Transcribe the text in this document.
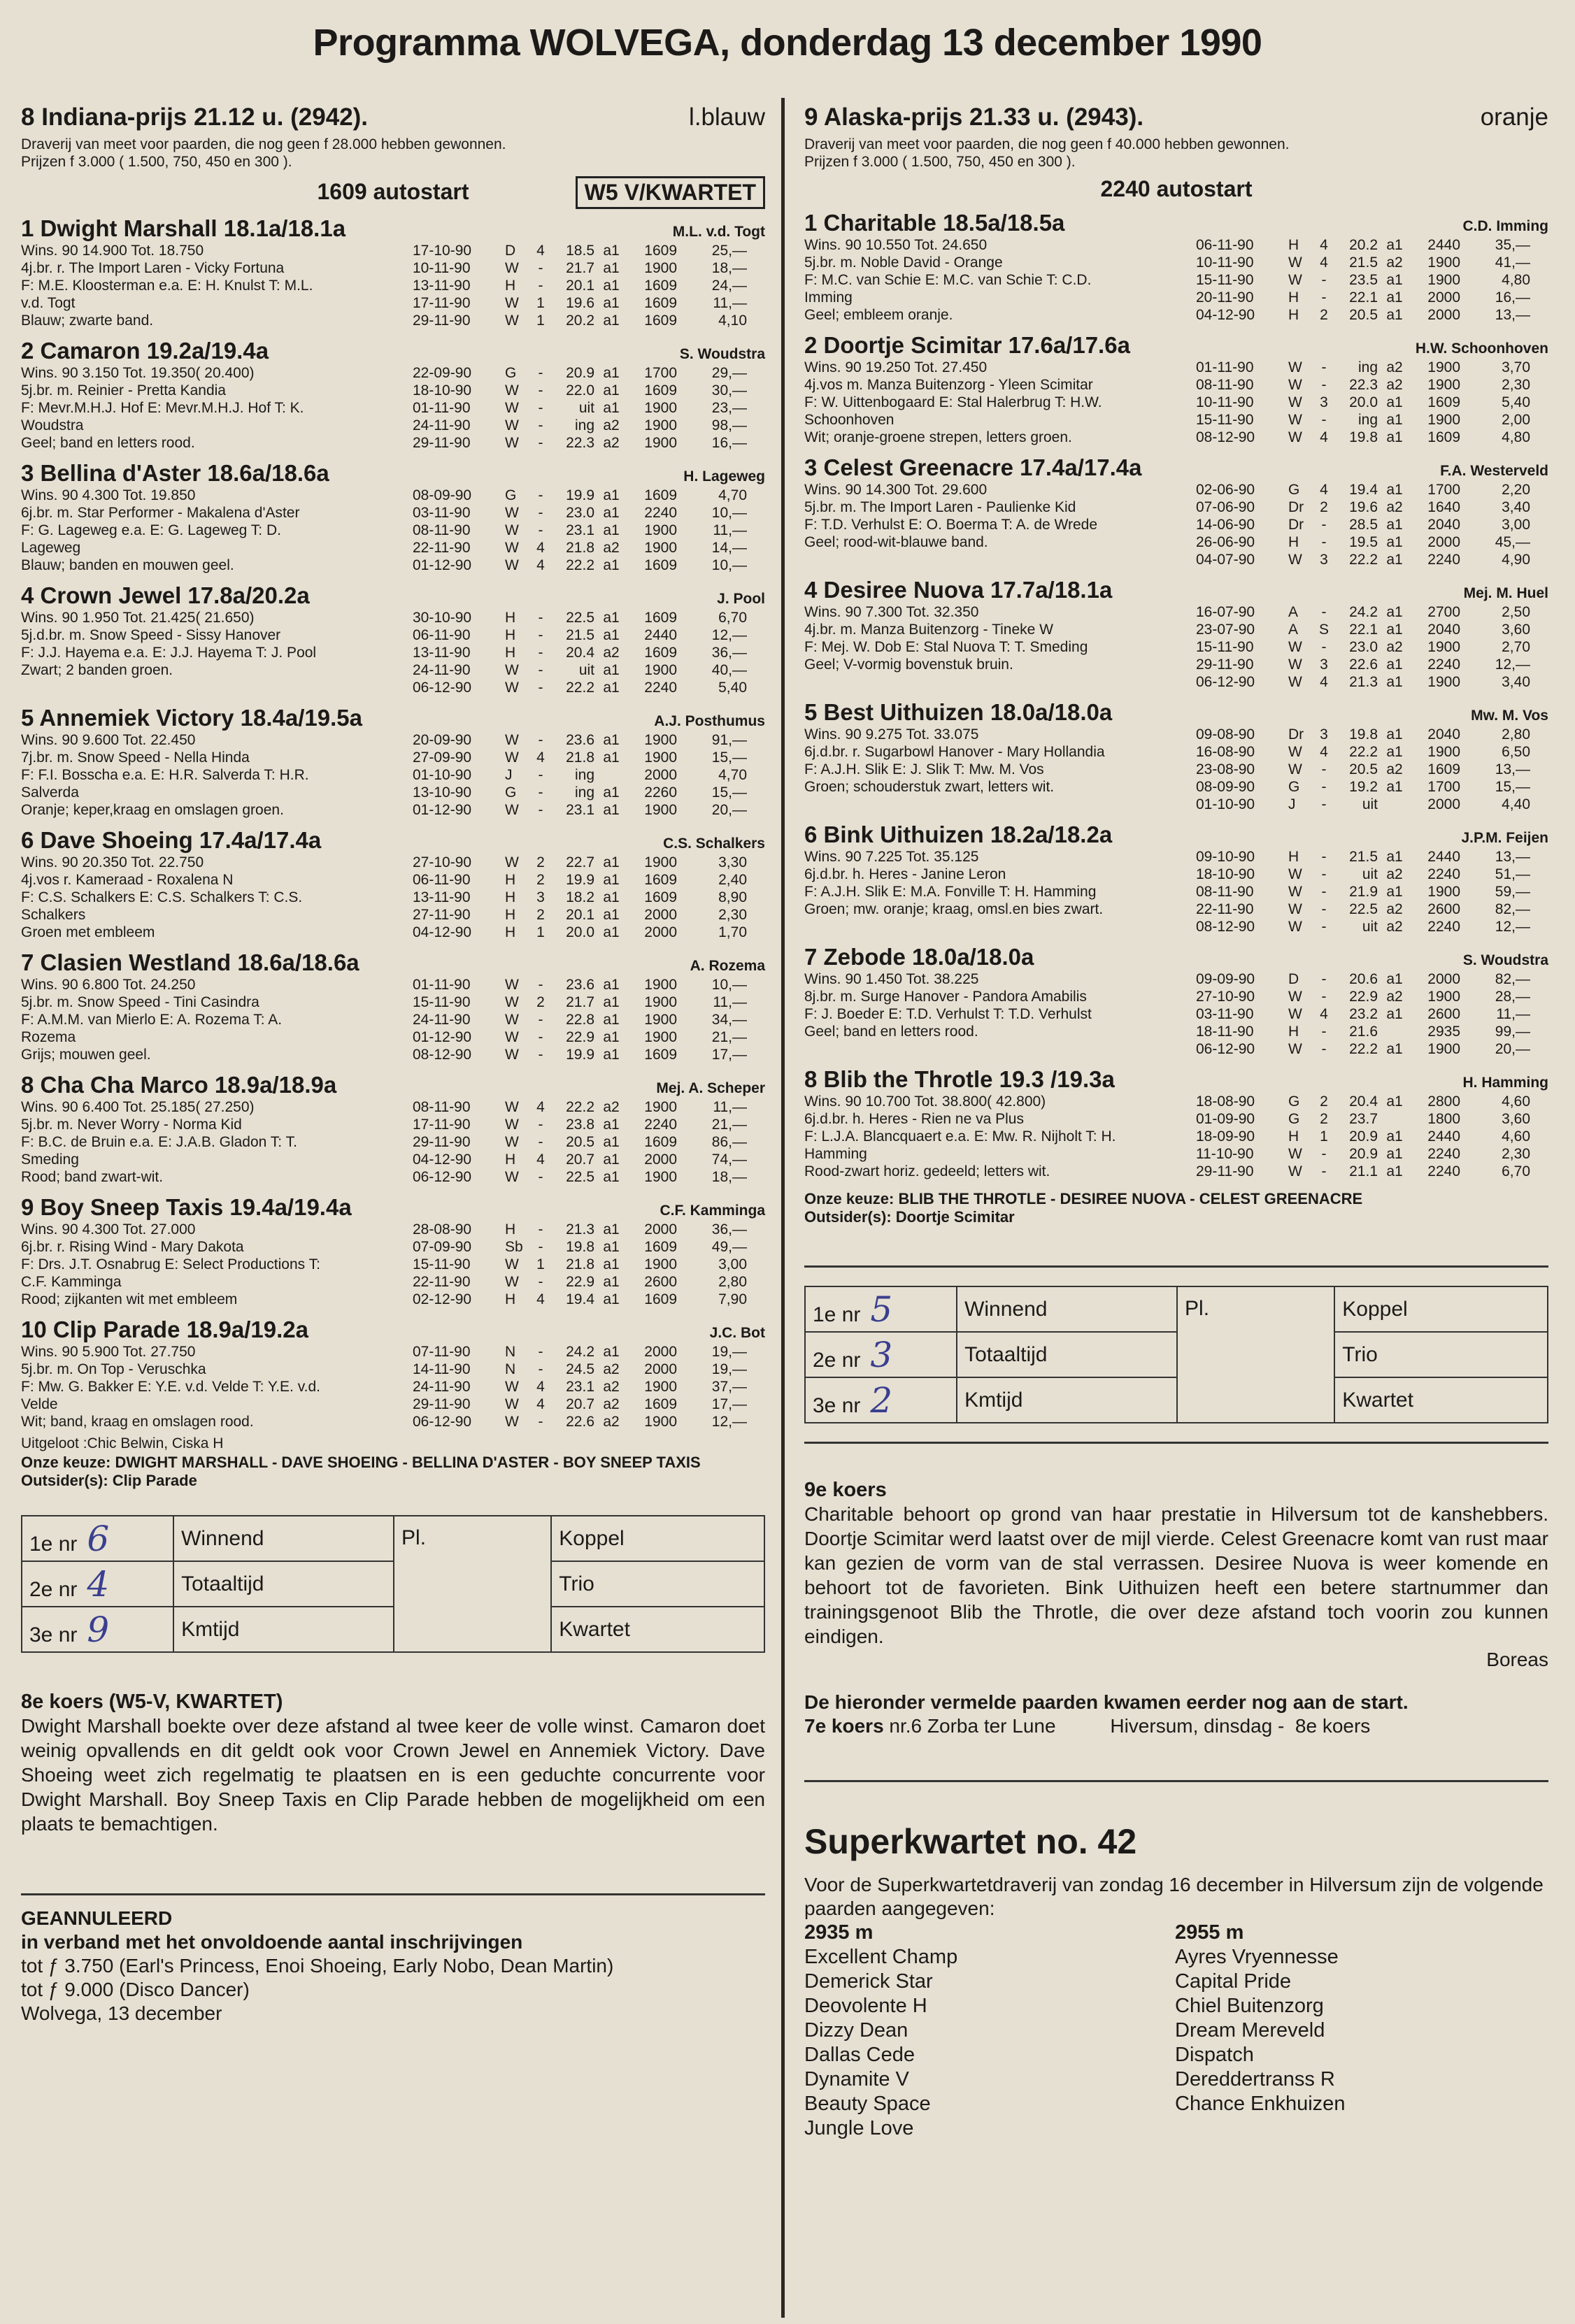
Programma WOLVEGA, donderdag 13 december 1990
8 Indiana-prijs 21.12 u. (2942).	l.blauw
Draverij van meet voor paarden, die nog geen f 28.000 hebben gewonnen.
Prijzen f 3.000 ( 1.500, 750, 450 en 300 ).
1609 autostart	W5 V/KWARTET
1 Dwight Marshall 18.1a/18.1a	M.L. v.d. Togt
Wins. 90 14.900 Tot. 18.750
4j.br. r. The Import Laren - Vicky Fortuna
F: M.E. Kloosterman e.a. E: H. Knulst T: M.L.
v.d. Togt
Blauw; zwarte band.
17-10-90	D	4	18.5 a1	1609	25,—
10-11-90	W	-	21.7 a1	1900	18,—
13-11-90	H	-	20.1 a1	1609	24,—
17-11-90	W	1	19.6 a1	1609	11,—
29-11-90	W	1	20.2 a1	1609	4,10
2 Camaron 19.2a/19.4a	S. Woudstra
Wins. 90 3.150 Tot. 19.350( 20.400)
5j.br. m. Reinier - Pretta Kandia
F: Mevr.M.H.J. Hof E: Mevr.M.H.J. Hof T: K.
Woudstra
Geel; band en letters rood.
22-09-90	G	-	20.9 a1	1700	29,—
18-10-90	W	-	22.0 a1	1609	30,—
01-11-90	W	-	uit a1	1900	23,—
24-11-90	W	-	ing a2	1900	98,—
29-11-90	W	-	22.3 a2	1900	16,—
3 Bellina d'Aster 18.6a/18.6a	H. Lageweg
Wins. 90 4.300 Tot. 19.850
6j.br. m. Star Performer - Makalena d'Aster
F: G. Lageweg e.a. E: G. Lageweg T: D.
Lageweg
Blauw; banden en mouwen geel.
08-09-90	G	-	19.9 a1	1609	4,70
03-11-90	W	-	23.0 a1	2240	10,—
08-11-90	W	-	23.1 a1	1900	11,—
22-11-90	W	4	21.8 a2	1900	14,—
01-12-90	W	4	22.2 a1	1609	10,—
4 Crown Jewel 17.8a/20.2a	J. Pool
Wins. 90 1.950 Tot. 21.425( 21.650)
5j.d.br. m. Snow Speed - Sissy Hanover
F: J.J. Hayema e.a. E: J.J. Hayema T: J. Pool
Zwart; 2 banden groen.
30-10-90	H	-	22.5 a1	1609	6,70
06-11-90	H	-	21.5 a1	2440	12,—
13-11-90	H	-	20.4 a2	1609	36,—
24-11-90	W	-	uit a1	1900	40,—
06-12-90	W	-	22.2 a1	2240	5,40
5 Annemiek Victory 18.4a/19.5a	A.J. Posthumus
Wins. 90 9.600 Tot. 22.450
7j.br. m. Snow Speed - Nella Hinda
F: F.I. Bosscha e.a. E: H.R. Salverda T: H.R.
Salverda
Oranje; keper,kraag en omslagen groen.
20-09-90	W	-	23.6 a1	1900	91,—
27-09-90	W	4	21.8 a1	1900	15,—
01-10-90	J	-	ing	2000	4,70
13-10-90	G	-	ing a1	2260	15,—
01-12-90	W	-	23.1 a1	1900	20,—
6 Dave Shoeing 17.4a/17.4a	C.S. Schalkers
Wins. 90 20.350 Tot. 22.750
4j.vos r. Kameraad - Roxalena N
F: C.S. Schalkers E: C.S. Schalkers T: C.S.
Schalkers
Groen met embleem
27-10-90	W	2	22.7 a1	1900	3,30
06-11-90	H	2	19.9 a1	1609	2,40
13-11-90	H	3	18.2 a1	1609	8,90
27-11-90	H	2	20.1 a1	2000	2,30
04-12-90	H	1	20.0 a1	2000	1,70
7 Clasien Westland 18.6a/18.6a	A. Rozema
Wins. 90 6.800 Tot. 24.250
5j.br. m. Snow Speed - Tini Casindra
F: A.M.M. van Mierlo E: A. Rozema T: A.
Rozema
Grijs; mouwen geel.
01-11-90	W	-	23.6 a1	1900	10,—
15-11-90	W	2	21.7 a1	1900	11,—
24-11-90	W	-	22.8 a1	1900	34,—
01-12-90	W	-	22.9 a1	1900	21,—
08-12-90	W	-	19.9 a1	1609	17,—
8 Cha Cha Marco 18.9a/18.9a	Mej. A. Scheper
Wins. 90 6.400 Tot. 25.185( 27.250)
5j.br. m. Never Worry - Norma Kid
F: B.C. de Bruin e.a. E: J.A.B. Gladon T: T.
Smeding
Rood; band zwart-wit.
08-11-90	W	4	22.2 a2	1900	11,—
17-11-90	W	-	23.8 a1	2240	21,—
29-11-90	W	-	20.5 a1	1609	86,—
04-12-90	H	4	20.7 a1	2000	74,—
06-12-90	W	-	22.5 a1	1900	18,—
9 Boy Sneep Taxis 19.4a/19.4a	C.F. Kamminga
Wins. 90 4.300 Tot. 27.000
6j.br. r. Rising Wind - Mary Dakota
F: Drs. J.T. Osnabrug E: Select Productions T:
C.F. Kamminga
Rood; zijkanten wit met embleem
28-08-90	H	-	21.3 a1	2000	36,—
07-09-90	Sb	-	19.8 a1	1609	49,—
15-11-90	W	1	21.8 a1	1900	3,00
22-11-90	W	-	22.9 a1	2600	2,80
02-12-90	H	4	19.4 a1	1609	7,90
10 Clip Parade 18.9a/19.2a	J.C. Bot
Wins. 90 5.900 Tot. 27.750
5j.br. m. On Top - Veruschka
F: Mw. G. Bakker E: Y.E. v.d. Velde T: Y.E. v.d.
Velde
Wit; band, kraag en omslagen rood.
07-11-90	N	-	24.2 a1	2000	19,—
14-11-90	N	-	24.5 a2	2000	19,—
24-11-90	W	4	23.1 a2	1900	37,—
29-11-90	W	4	20.7 a2	1609	17,—
06-12-90	W	-	22.6 a2	1900	12,—
Uitgeloot :Chic Belwin, Ciska H
Onze keuze: DWIGHT MARSHALL - DAVE SHOEING - BELLINA D'ASTER - BOY SNEEP TAXIS
Outsider(s): Clip Parade
1e nr 6	Winnend	Pl.	Koppel
2e nr 4	Totaaltijd		Trio
3e nr 9	Kmtijd		Kwartet
8e koers (W5-V, KWARTET)
Dwight Marshall boekte over deze afstand al twee keer de volle winst. Camaron doet weinig opvallends en dit geldt ook voor Crown Jewel en Annemiek Victory. Dave Shoeing weet zich regelmatig te plaatsen en is een geduchte concurrente voor Dwight Marshall. Boy Sneep Taxis en Clip Parade hebben de mogelijkheid om een plaats te bemachtigen.
GEANNULEERD
in verband met het onvoldoende aantal inschrijvingen
tot ƒ 3.750 (Earl's Princess, Enoi Shoeing, Early Nobo, Dean Martin)
tot ƒ 9.000 (Disco Dancer)
Wolvega, 13 december
9 Alaska-prijs 21.33 u. (2943).	oranje
Draverij van meet voor paarden, die nog geen f 40.000 hebben gewonnen.
Prijzen f 3.000 ( 1.500, 750, 450 en 300 ).
2240 autostart
1 Charitable 18.5a/18.5a	C.D. Imming
Wins. 90 10.550 Tot. 24.650
5j.br. m. Noble David - Orange
F: M.C. van Schie E: M.C. van Schie T: C.D.
Imming
Geel; embleem oranje.
06-11-90	H	4	20.2 a1	2440	35,—
10-11-90	W	4	21.5 a2	1900	41,—
15-11-90	W	-	23.5 a1	1900	4,80
20-11-90	H	-	22.1 a1	2000	16,—
04-12-90	H	2	20.5 a1	2000	13,—
2 Doortje Scimitar 17.6a/17.6a	H.W. Schoonhoven
Wins. 90 19.250 Tot. 27.450
4j.vos m. Manza Buitenzorg - Yleen Scimitar
F: W. Uittenbogaard E: Stal Halerbrug T: H.W.
Schoonhoven
Wit; oranje-groene strepen, letters groen.
01-11-90	W	-	ing a2	1900	3,70
08-11-90	W	-	22.3 a2	1900	2,30
10-11-90	W	3	20.0 a1	1609	5,40
15-11-90	W	-	ing a1	1900	2,00
08-12-90	W	4	19.8 a1	1609	4,80
3 Celest Greenacre 17.4a/17.4a	F.A. Westerveld
Wins. 90 14.300 Tot. 29.600
5j.br. m. The Import Laren - Paulienke Kid
F: T.D. Verhulst E: O. Boerma T: A. de Wrede
Geel; rood-wit-blauwe band.
02-06-90	G	4	19.4 a1	1700	2,20
07-06-90	Dr	2	19.6 a2	1640	3,40
14-06-90	Dr	-	28.5 a1	2040	3,00
26-06-90	H	-	19.5 a1	2000	45,—
04-07-90	W	3	22.2 a1	2240	4,90
4 Desiree Nuova 17.7a/18.1a	Mej. M. Huel
Wins. 90 7.300 Tot. 32.350
4j.br. m. Manza Buitenzorg - Tineke W
F: Mej. W. Dob E: Stal Nuova T: T. Smeding
Geel; V-vormig bovenstuk bruin.
16-07-90	A	-	24.2 a1	2700	2,50
23-07-90	A	S	22.1 a1	2040	3,60
15-11-90	W	-	23.0 a2	1900	2,70
29-11-90	W	3	22.6 a1	2240	12,—
06-12-90	W	4	21.3 a1	1900	3,40
5 Best Uithuizen 18.0a/18.0a	Mw. M. Vos
Wins. 90 9.275 Tot. 33.075
6j.d.br. r. Sugarbowl Hanover - Mary Hollandia
F: A.J.H. Slik E: J. Slik T: Mw. M. Vos
Groen; schouderstuk zwart, letters wit.
09-08-90	Dr	3	19.8 a1	2040	2,80
16-08-90	W	4	22.2 a1	1900	6,50
23-08-90	W	-	20.5 a2	1609	13,—
08-09-90	G	-	19.2 a1	1700	15,—
01-10-90	J	-	uit	2000	4,40
6 Bink Uithuizen 18.2a/18.2a	J.P.M. Feijen
Wins. 90 7.225 Tot. 35.125
6j.d.br. h. Heres - Janine Leron
F: A.J.H. Slik E: M.A. Fonville T: H. Hamming
Groen; mw. oranje; kraag, omsl.en bies zwart.
09-10-90	H	-	21.5 a1	2440	13,—
18-10-90	W	-	uit a2	2240	51,—
08-11-90	W	-	21.9 a1	1900	59,—
22-11-90	W	-	22.5 a2	2600	82,—
08-12-90	W	-	uit a2	2240	12,—
7 Zebode 18.0a/18.0a	S. Woudstra
Wins. 90 1.450 Tot. 38.225
8j.br. m. Surge Hanover - Pandora Amabilis
F: J. Boeder E: T.D. Verhulst T: T.D. Verhulst
Geel; band en letters rood.
09-09-90	D	-	20.6 a1	2000	82,—
27-10-90	W	-	22.9 a2	1900	28,—
03-11-90	W	4	23.2 a1	2600	11,—
18-11-90	H	-	21.6	2935	99,—
06-12-90	W	-	22.2 a1	1900	20,—
8 Blib the Throtle 19.3 /19.3a	H. Hamming
Wins. 90 10.700 Tot. 38.800( 42.800)
6j.d.br. h. Heres - Rien ne va Plus
F: L.J.A. Blancquaert e.a. E: Mw. R. Nijholt T: H.
Hamming
Rood-zwart horiz. gedeeld; letters wit.
18-08-90	G	2	20.4 a1	2800	4,60
01-09-90	G	2	23.7	1800	3,60
18-09-90	H	1	20.9 a1	2440	4,60
11-10-90	W	-	20.9 a1	2240	2,30
29-11-90	W	-	21.1 a1	2240	6,70
Onze keuze: BLIB THE THROTLE - DESIREE NUOVA - CELEST GREENACRE
Outsider(s): Doortje Scimitar
1e nr 5	Winnend	Pl.	Koppel
2e nr 3	Totaaltijd		Trio
3e nr 2	Kmtijd		Kwartet
9e koers
Charitable behoort op grond van haar prestatie in Hilversum tot de kanshebbers. Doortje Scimitar werd laatst over de mijl vierde. Celest Greenacre komt van rust maar kan gezien de vorm van de stal verrassen. Desiree Nuova is weer komende en behoort tot de favorieten. Bink Uithuizen heeft een betere startnummer dan trainingsgenoot Blib the Throtle, die over deze afstand toch voorin zou kunnen eindigen.
Boreas
De hieronder vermelde paarden kwamen eerder nog aan de start.
7e koers nr.6 Zorba ter Lune          Hiversum, dinsdag -  8e koers
Superkwartet no. 42
Voor de Superkwartetdraverij van zondag 16 december in Hilversum zijn de volgende paarden aangegeven:
2935 m
Excellent Champ
Demerick Star
Deovolente H
Dizzy Dean
Dallas Cede
Dynamite V
Beauty Space
Jungle Love
2955 m
Ayres Vryennesse
Capital Pride
Chiel Buitenzorg
Dream Mereveld
Dispatch
Dereddertranss R
Chance Enkhuizen
